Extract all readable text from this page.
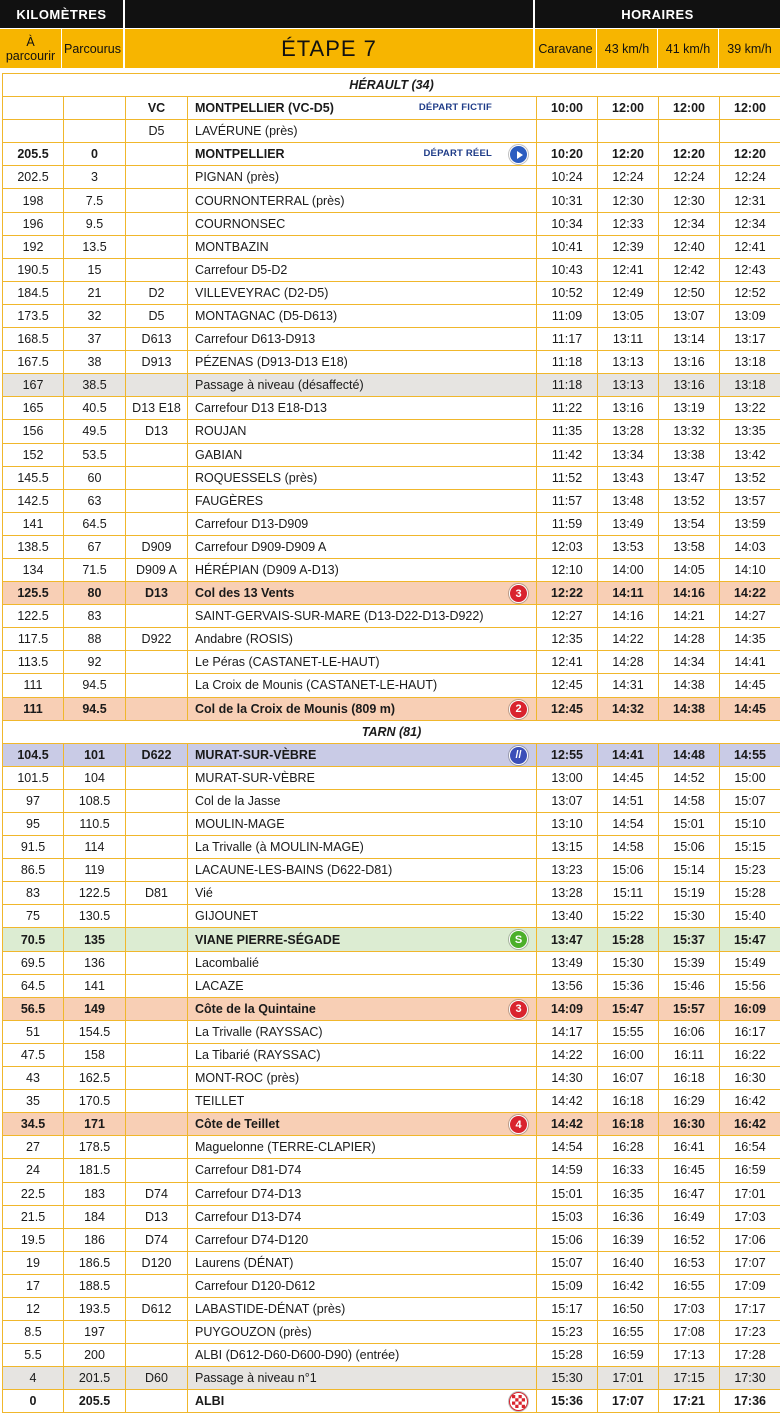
KILOMÈTRES	HORAIRES
À parcourir Parcourus	ÉTAPE 7	Caravane 43 km/h	41 km/h	39 km/h
HÉRAULT (34)							
		VC	MONTPELLIER (VC-D5) DÉPART FICTIF	10:00	12:00	12:00	12:00
		D5	LAVÉRUNE (près)				
205.5	0		MONTPELLIER DÉPART RÉEL	10:20	12:20	12:20	12:20
202.5	3		PIGNAN (près)	10:24	12:24	12:24	12:24
198	7.5		COURNONTERRAL (près)	10:31	12:30	12:30	12:31
196	9.5		COURNONSEC	10:34	12:33	12:34	12:34
192	13.5		MONTBAZIN	10:41	12:39	12:40	12:41
190.5	15		Carrefour D5-D2	10:43	12:41	12:42	12:43
184.5	21	D2	VILLEVEYRAC (D2-D5)	10:52	12:49	12:50	12:52
173.5	32	D5	MONTAGNAC (D5-D613)	11:09	13:05	13:07	13:09
168.5	37	D613	Carrefour D613-D913	11:17	13:11	13:14	13:17
167.5	38	D913	PÉZENAS (D913-D13 E18)	11:18	13:13	13:16	13:18
167	38.5		Passage à niveau (désaffecté)	11:18	13:13	13:16	13:18
165	40.5	D13 E18	Carrefour D13 E18-D13	11:22	13:16	13:19	13:22
156	49.5	D13	ROUJAN	11:35	13:28	13:32	13:35
152	53.5		GABIAN	11:42	13:34	13:38	13:42
145.5	60		ROQUESSELS (près)	11:52	13:43	13:47	13:52
142.5	63		FAUGÈRES	11:57	13:48	13:52	13:57
141	64.5		Carrefour D13-D909	11:59	13:49	13:54	13:59
138.5	67	D909	Carrefour D909-D909 A	12:03	13:53	13:58	14:03
134	71.5	D909 A	HÉRÉPIAN (D909 A-D13)	12:10	14:00	14:05	14:10
125.5	80	D13	Col des 13 Vents 3	12:22	14:11	14:16	14:22
122.5	83		SAINT-GERVAIS-SUR-MARE (D13-D22-D13-D922)	12:27	14:16	14:21	14:27
117.5	88	D922	Andabre (ROSIS)	12:35	14:22	14:28	14:35
113.5	92		Le Péras (CASTANET-LE-HAUT)	12:41	14:28	14:34	14:41
111	94.5		La Croix de Mounis (CASTANET-LE-HAUT)	12:45	14:31	14:38	14:45
111	94.5		Col de la Croix de Mounis (809 m) 2	12:45	14:32	14:38	14:45
TARN (81)							
104.5	101	D622	MURAT-SUR-VÈBRE //	12:55	14:41	14:48	14:55
101.5	104		MURAT-SUR-VÈBRE	13:00	14:45	14:52	15:00
97	108.5		Col de la Jasse	13:07	14:51	14:58	15:07
95	110.5		MOULIN-MAGE	13:10	14:54	15:01	15:10
91.5	114		La Trivalle (à MOULIN-MAGE)	13:15	14:58	15:06	15:15
86.5	119		LACAUNE-LES-BAINS (D622-D81)	13:23	15:06	15:14	15:23
83	122.5	D81	Vié	13:28	15:11	15:19	15:28
75	130.5		GIJOUNET	13:40	15:22	15:30	15:40
70.5	135		VIANE PIERRE-SÉGADE S	13:47	15:28	15:37	15:47
69.5	136		Lacombalié	13:49	15:30	15:39	15:49
64.5	141		LACAZE	13:56	15:36	15:46	15:56
56.5	149		Côte de la Quintaine 3	14:09	15:47	15:57	16:09
51	154.5		La Trivalle (RAYSSAC)	14:17	15:55	16:06	16:17
47.5	158		La Tibarié (RAYSSAC)	14:22	16:00	16:11	16:22
43	162.5		MONT-ROC (près)	14:30	16:07	16:18	16:30
35	170.5		TEILLET	14:42	16:18	16:29	16:42
34.5	171		Côte de Teillet 4	14:42	16:18	16:30	16:42
27	178.5		Maguelonne (TERRE-CLAPIER)	14:54	16:28	16:41	16:54
24	181.5		Carrefour D81-D74	14:59	16:33	16:45	16:59
22.5	183	D74	Carrefour D74-D13	15:01	16:35	16:47	17:01
21.5	184	D13	Carrefour D13-D74	15:03	16:36	16:49	17:03
19.5	186	D74	Carrefour D74-D120	15:06	16:39	16:52	17:06
19	186.5	D120	Laurens (DÉNAT)	15:07	16:40	16:53	17:07
17	188.5		Carrefour D120-D612	15:09	16:42	16:55	17:09
12	193.5	D612	LABASTIDE-DÉNAT (près)	15:17	16:50	17:03	17:17
8.5	197		PUYGOUZON (près)	15:23	16:55	17:08	17:23
5.5	200		ALBI (D612-D60-D600-D90) (entrée)	15:28	16:59	17:13	17:28
4	201.5	D60	Passage à niveau n°1	15:30	17:01	17:15	17:30
0	205.5		ALBI	15:36	17:07	17:21	17:36
